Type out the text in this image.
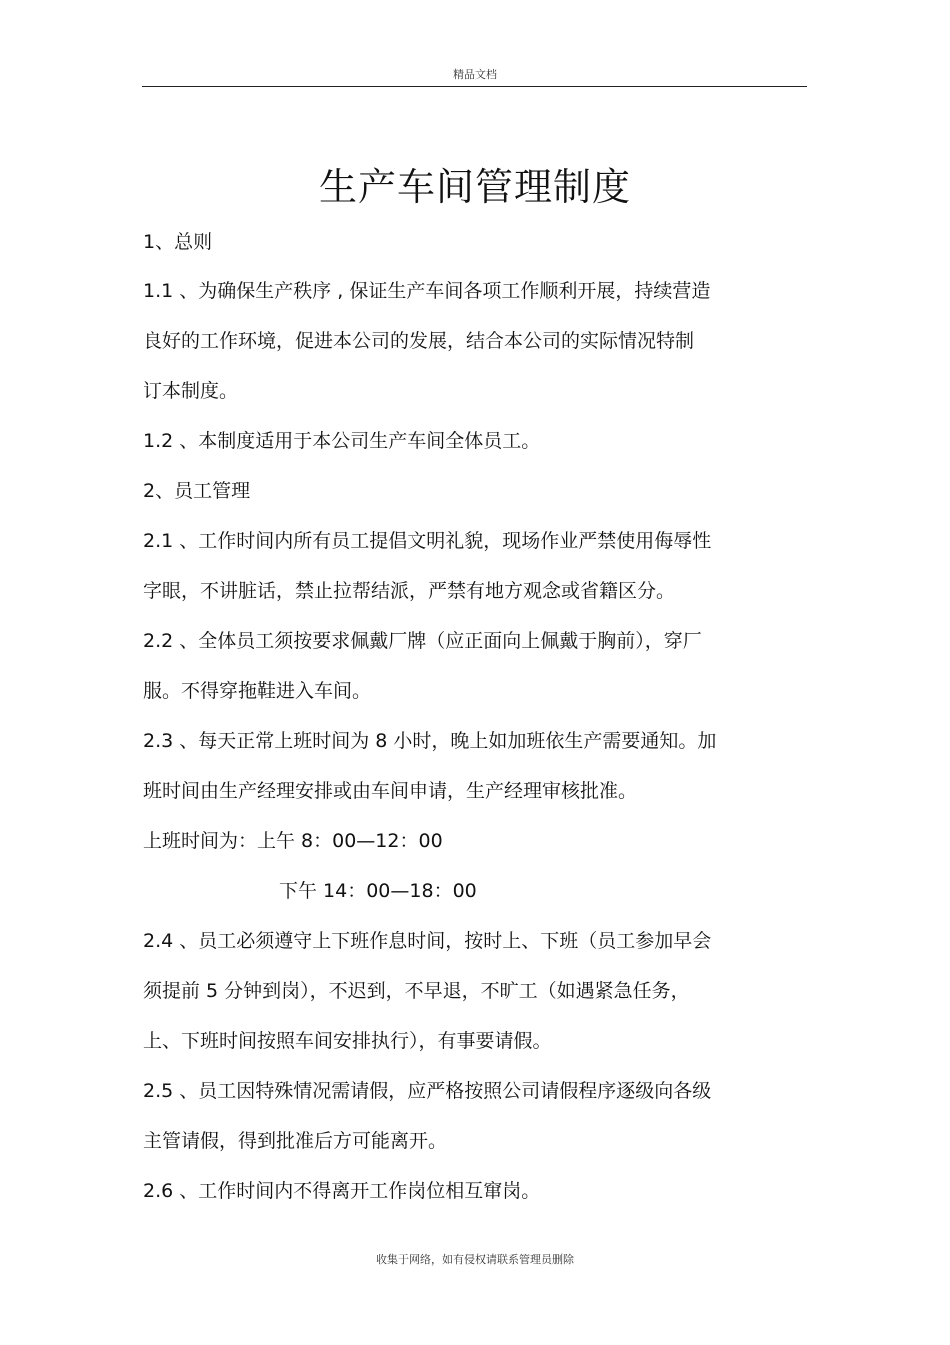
精品文档
生产车间管理制度
1、总则
1.1 、为确保生产秩序 , 保证生产车间各项工作顺利开展，持续营造
良好的工作环境，促进本公司的发展，结合本公司的实际情况特制
订本制度。
1.2 、本制度适用于本公司生产车间全体员工。
2、员工管理
2.1 、工作时间内所有员工提倡文明礼貌，现场作业严禁使用侮辱性
字眼，不讲脏话，禁止拉帮结派，严禁有地方观念或省籍区分。
2.2 、全体员工须按要求佩戴厂牌（应正面向上佩戴于胸前），穿厂
服。不得穿拖鞋进入车间。
2.3 、每天正常上班时间为 8 小时，晚上如加班依生产需要通知。加
班时间由生产经理安排或由车间申请，生产经理审核批准。
上班时间为：上午 8：00—12：00
下午 14：00—18：00
2.4 、员工必须遵守上下班作息时间，按时上、下班（员工参加早会
须提前 5 分钟到岗），不迟到，不早退，不旷工（如遇紧急任务，
上、下班时间按照车间安排执行），有事要请假。
2.5 、员工因特殊情况需请假，应严格按照公司请假程序逐级向各级
主管请假，得到批准后方可能离开。
2.6 、工作时间内不得离开工作岗位相互窜岗。
收集于网络，如有侵权请联系管理员删除
